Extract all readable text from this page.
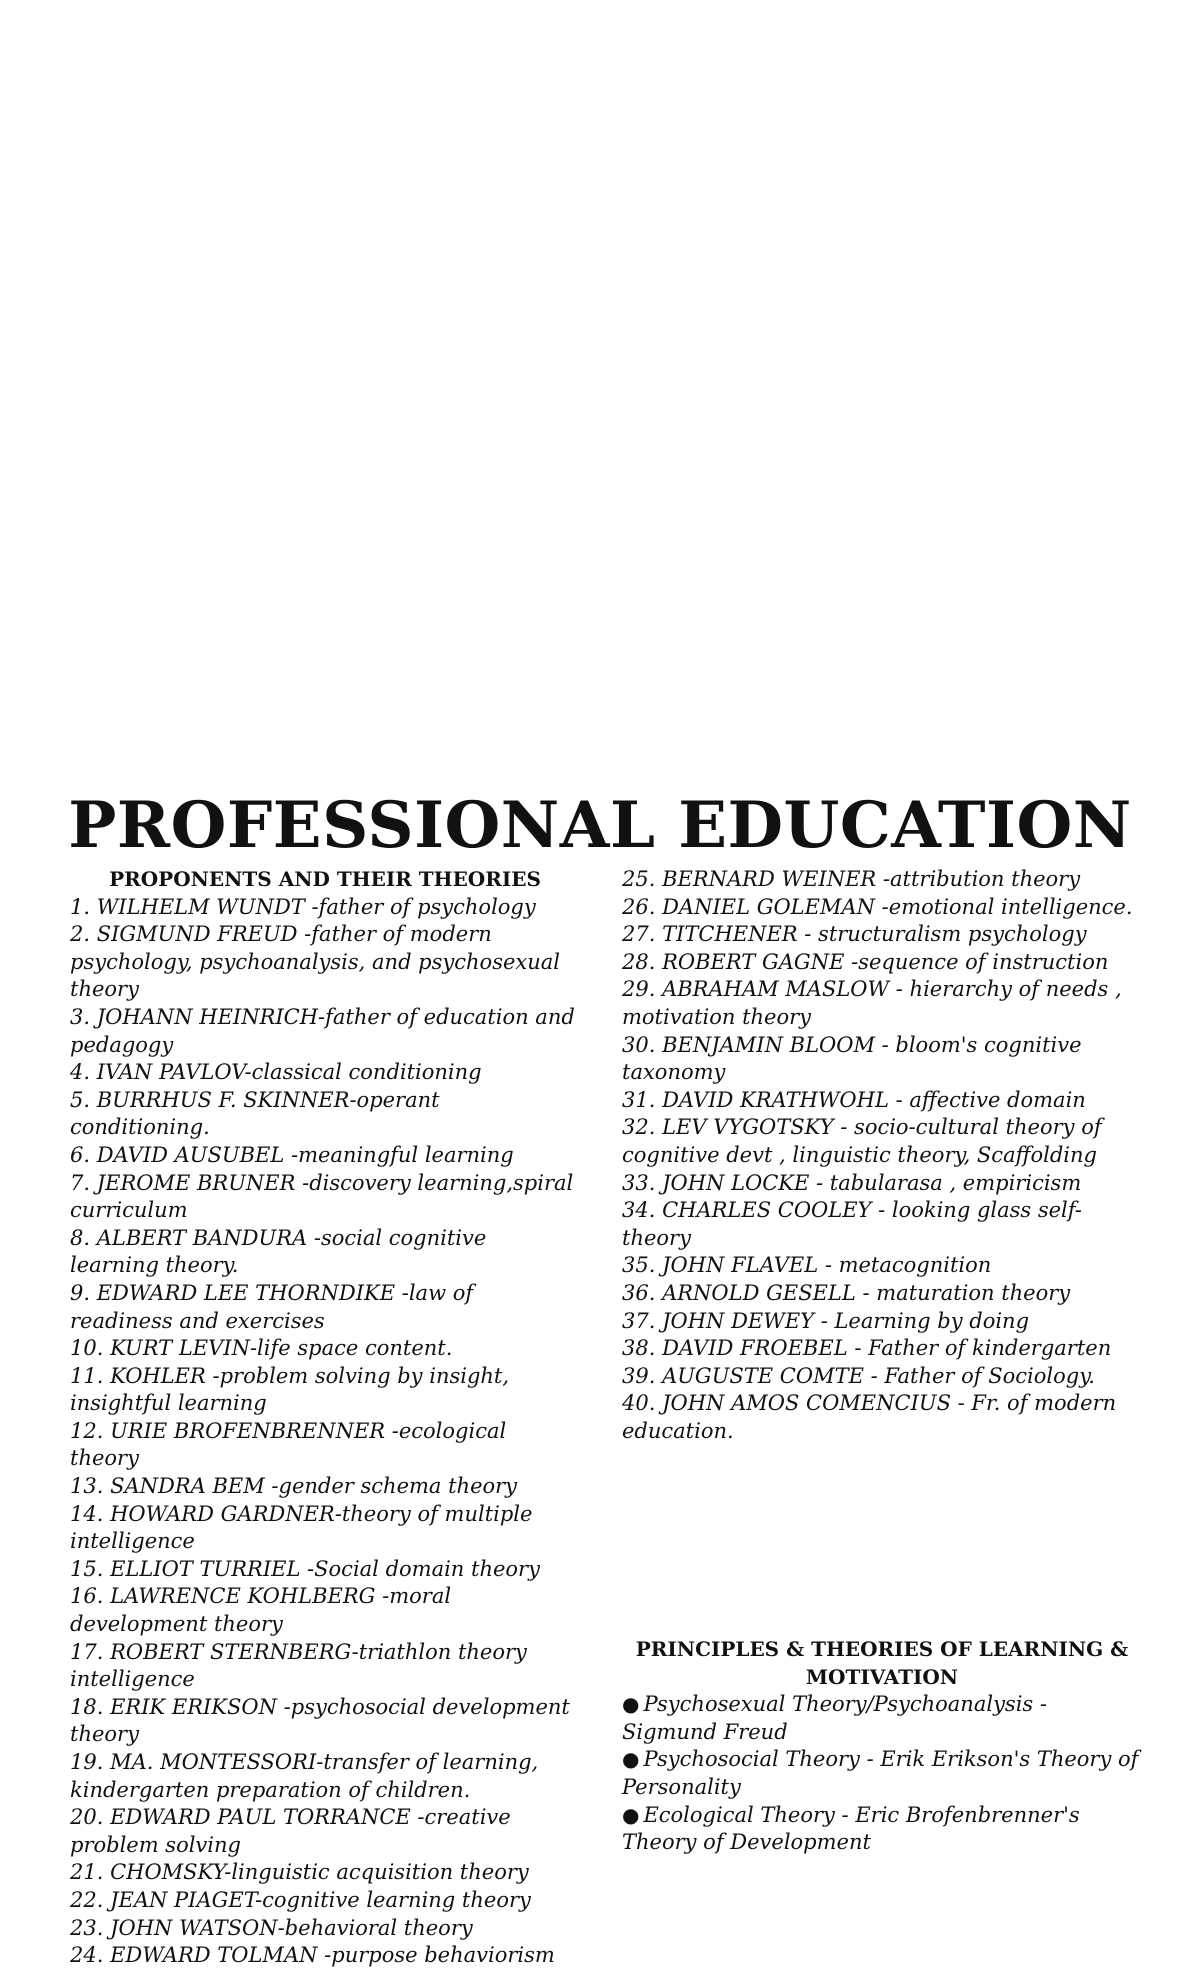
PROFESSIONAL EDUCATION

PROPONENTS AND THEIR THEORIES

1. WILHELM WUNDT -father of psychology

2. SIGMUND FREUD -father of modern psychology, psychoanalysis, and psychosexual theory

3. JOHANN HEINRICH-father of education and pedagogy

4. IVAN PAVLOV-classical conditioning

5. BURRHUS F. SKINNER-operant conditioning.

6. DAVID AUSUBEL -meaningful learning

7. JEROME BRUNER -discovery learning,spiral curriculum

8. ALBERT BANDURA -social cognitive learning theory.

9. EDWARD LEE THORNDIKE -law of readiness and exercises

10. KURT LEVIN-life space content.

11. KOHLER -problem solving by insight, insightful learning

12. URIE BROFENBRENNER -ecological theory

13. SANDRA BEM -gender schema theory

14. HOWARD GARDNER-theory of multiple intelligence

15. ELLIOT TURRIEL -Social domain theory

16. LAWRENCE KOHLBERG -moral development theory

17. ROBERT STERNBERG-triathlon theory intelligence

18. ERIK ERIKSON -psychosocial development theory

19. MA. MONTESSORI-transfer of learning, kindergarten preparation of children.

20. EDWARD PAUL TORRANCE -creative problem solving

21. CHOMSKY-linguistic acquisition theory

22. JEAN PIAGET-cognitive learning theory

23. JOHN WATSON-behavioral theory

24. EDWARD TOLMAN -purpose behaviorism

25. BERNARD WEINER -attribution theory

26. DANIEL GOLEMAN -emotional intelligence.

27. TITCHENER - structuralism psychology

28. ROBERT GAGNE -sequence of instruction

29. ABRAHAM MASLOW - hierarchy of needs , motivation theory

30. BENJAMIN BLOOM - bloom's cognitive taxonomy

31. DAVID KRATHWOHL - affective domain

32. LEV VYGOTSKY - socio-cultural theory of cognitive devt , linguistic theory, Scaffolding

33. JOHN LOCKE - tabularasa , empiricism

34. CHARLES COOLEY - looking glass self-theory

35. JOHN FLAVEL - metacognition

36. ARNOLD GESELL - maturation theory

37. JOHN DEWEY - Learning by doing

38. DAVID FROEBEL - Father of kindergarten

39. AUGUSTE COMTE - Father of Sociology.

40. JOHN AMOS COMENCIUS - Fr. of modern education.

PRINCIPLES & THEORIES OF LEARNING & MOTIVATION

● Psychosexual Theory/Psychoanalysis - Sigmund Freud

● Psychosocial Theory - Erik Erikson's Theory of Personality

● Ecological Theory - Eric Brofenbrenner's Theory of Development
